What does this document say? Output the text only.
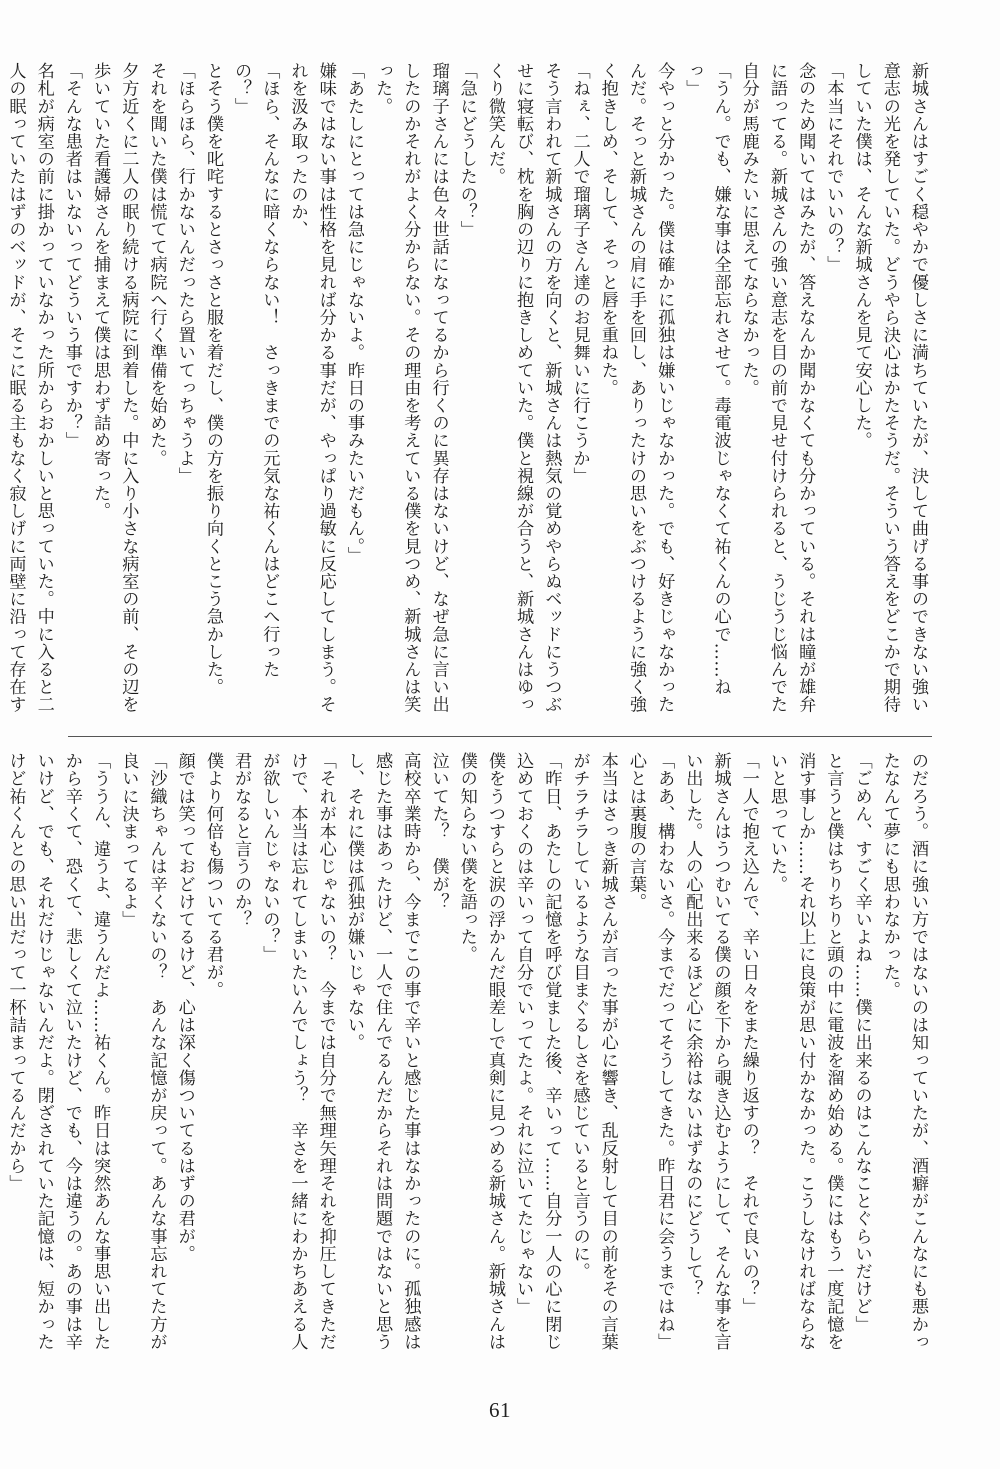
新城さんはすごく穏やかで優しさに満ちていたが、決して曲げる事のできない強い意志の光を発していた。どうやら決心はかたそうだ。そういう答えをどこかで期待していた僕は、そんな新城さんを見て安心した。

「本当にそれでいいの？」

念のため聞いてはみたが、答えなんか聞かなくても分かっている。それは瞳が雄弁に語ってる。新城さんの強い意志を目の前で見せ付けられると、うじうじ悩んでた自分が馬鹿みたいに思えてならなかった。

「うん。でも、嫌な事は全部忘れさせて。毒電波じゃなくて祐くんの心で……ねっ」

今やっと分かった。僕は確かに孤独は嫌いじゃなかった。でも、好きじゃなかったんだ。そっと新城さんの肩に手を回し、ありったけの思いをぶつけるように強く強く抱きしめ、そして、そっと唇を重ねた。

「ねぇ、二人で瑠璃子さん達のお見舞いに行こうか」

そう言われて新城さんの方を向くと、新城さんは熱気の覚めやらぬベッドにうつぶせに寝転び、枕を胸の辺りに抱きしめていた。僕と視線が合うと、新城さんはゆっくり微笑んだ。

「急にどうしたの？」

瑠璃子さんには色々世話になってるから行くのに異存はないけど、なぜ急に言い出したのかそれがよく分からない。その理由を考えている僕を見つめ、新城さんは笑った。

「あたしにとっては急にじゃないよ。昨日の事みたいだもん。」

嫌味ではない事は性格を見れば分かる事だが、やっぱり過敏に反応してしまう。それを汲み取ったのか、

「ほら、そんなに暗くならない！　さっきまでの元気な祐くんはどこへ行ったの？」

とそう僕を叱咤するとさっさと服を着だし、僕の方を振り向くとこう急かした。

「ほらほら、行かないんだったら置いてっちゃうよ」

それを聞いた僕は慌てて病院へ行く準備を始めた。

夕方近くに二人の眠り続ける病院に到着した。中に入り小さな病室の前、その辺を歩いていた看護婦さんを捕まえて僕は思わず詰め寄った。

「そんな患者はいないってどういう事ですか？」

名札が病室の前に掛かっていなかった所からおかしいと思っていた。中に入ると二人の眠っていたはずのベッドが、そこに眠る主もなく寂しげに両壁に沿って存在す

のだろう。酒に強い方ではないのは知っていたが、酒癖がこんなにも悪かったなんて夢にも思わなかった。

「ごめん、すごく辛いよね……僕に出来るのはこんなことぐらいだけど」

と言うと僕はちりちりと頭の中に電波を溜め始める。僕にはもう一度記憶を消す事しか……それ以上に良策が思い付かなかった。こうしなければならないと思っていた。

「一人で抱え込んで、辛い日々をまた繰り返すの？　それで良いの？」

新城さんはうつむいてる僕の顔を下から覗き込むようにして、そんな事を言い出した。人の心配出来るほど心に余裕はないはずなのにどうして？

「ああ、構わないさ。今までだってそうしてきた。昨日君に会うまではね」

心とは裏腹の言葉。

本当はさっき新城さんが言った事が心に響き、乱反射して目の前をその言葉がチラチラしているような目まぐるしさを感じていると言うのに。

「昨日、あたしの記憶を呼び覚ました後、辛いって……自分一人の心に閉じ込めておくのは辛いって自分でいってたよ。それに泣いてたじゃない」

僕をうつすらと涙の浮かんだ眼差しで真剣に見つめる新城さん。新城さんは僕の知らない僕を語った。

泣いてた？　僕が？

高校卒業時から、今までこの事で辛いと感じた事はなかったのに。孤独感は感じた事はあったけど、一人で住んでるんだからそれは問題ではないと思うし、それに僕は孤独が嫌いじゃない。

「それが本心じゃないの？　今までは自分で無理矢理それを抑圧してきただけで、本当は忘れてしまいたいんでしょう？　辛さを一緒にわかちあえる人が欲しいんじゃないの？」

君がなると言うのか？

僕より何倍も傷ついてる君が。

顔では笑っておどけてるけど、心は深く傷ついてるはずの君が。

「沙織ちゃんは辛くないの？　あんな記憶が戻って。あんな事忘れてた方が良いに決まってるよ」

「ううん、違うよ、違うんだよ……祐くん。昨日は突然あんな事思い出したから辛くて、恐くて、悲しくて泣いたけど、でも、今は違うの。あの事は辛いけど、でも、それだけじゃないんだよ。閉ざされていた記憶は、短かったけど祐くんとの思い出だって一杯詰まってるんだから」

61
